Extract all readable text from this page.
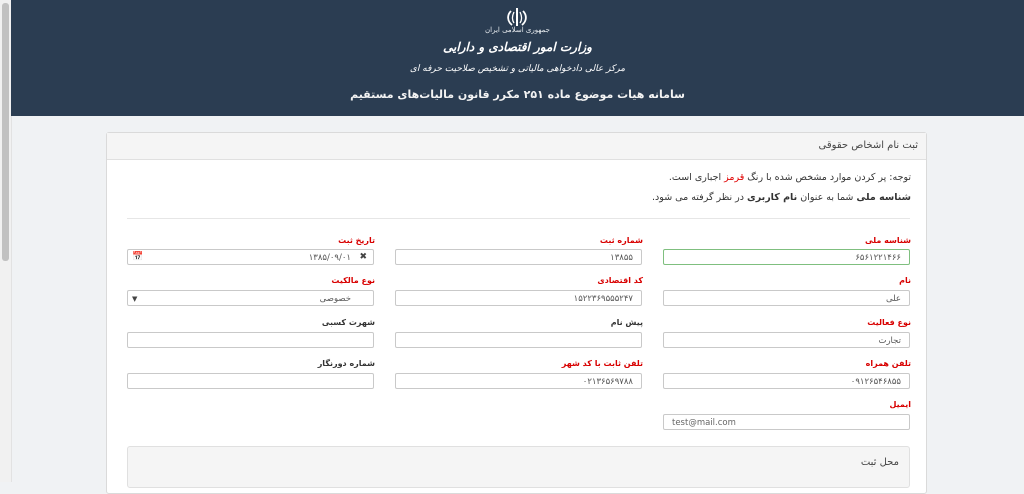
جمهوری اسلامی ایران
وزارت امور اقتصادی و دارایی
مرکز عالی دادخواهی مالیاتی و تشخیص صلاحیت حرفه ای
سامانه هیات موضوع ماده ۲۵۱ مکرر قانون مالیات‌های مستقیم
ثبت نام اشخاص حقوقی
توجه: پر کردن موارد مشخص شده با رنگ قرمز اجباری است.
شناسه ملی شما به عنوان نام کاربری در نظر گرفته می شود.
شناسه ملی
۶۵۶۱۲۲۱۴۶۶
شماره ثبت
۱۳۸۵۵
تاریخ ثبت
📅	✖
۱۳۸۵/۰۹/۰۱
نام
علی
کد اقتصادی
۱۵۲۲۳۶۹۵۵۵۲۴۷
نوع مالکیت
▼	خصوصی
نوع فعالیت
تجارت
پیش نام
شهرت کسبی
تلفن همراه
۰۹۱۲۶۵۴۶۸۵۵
تلفن ثابت با کد شهر
۰۲۱۳۶۵۶۹۷۸۸
شماره دورنگار
ایمیل
test@mail.com
محل ثبت
